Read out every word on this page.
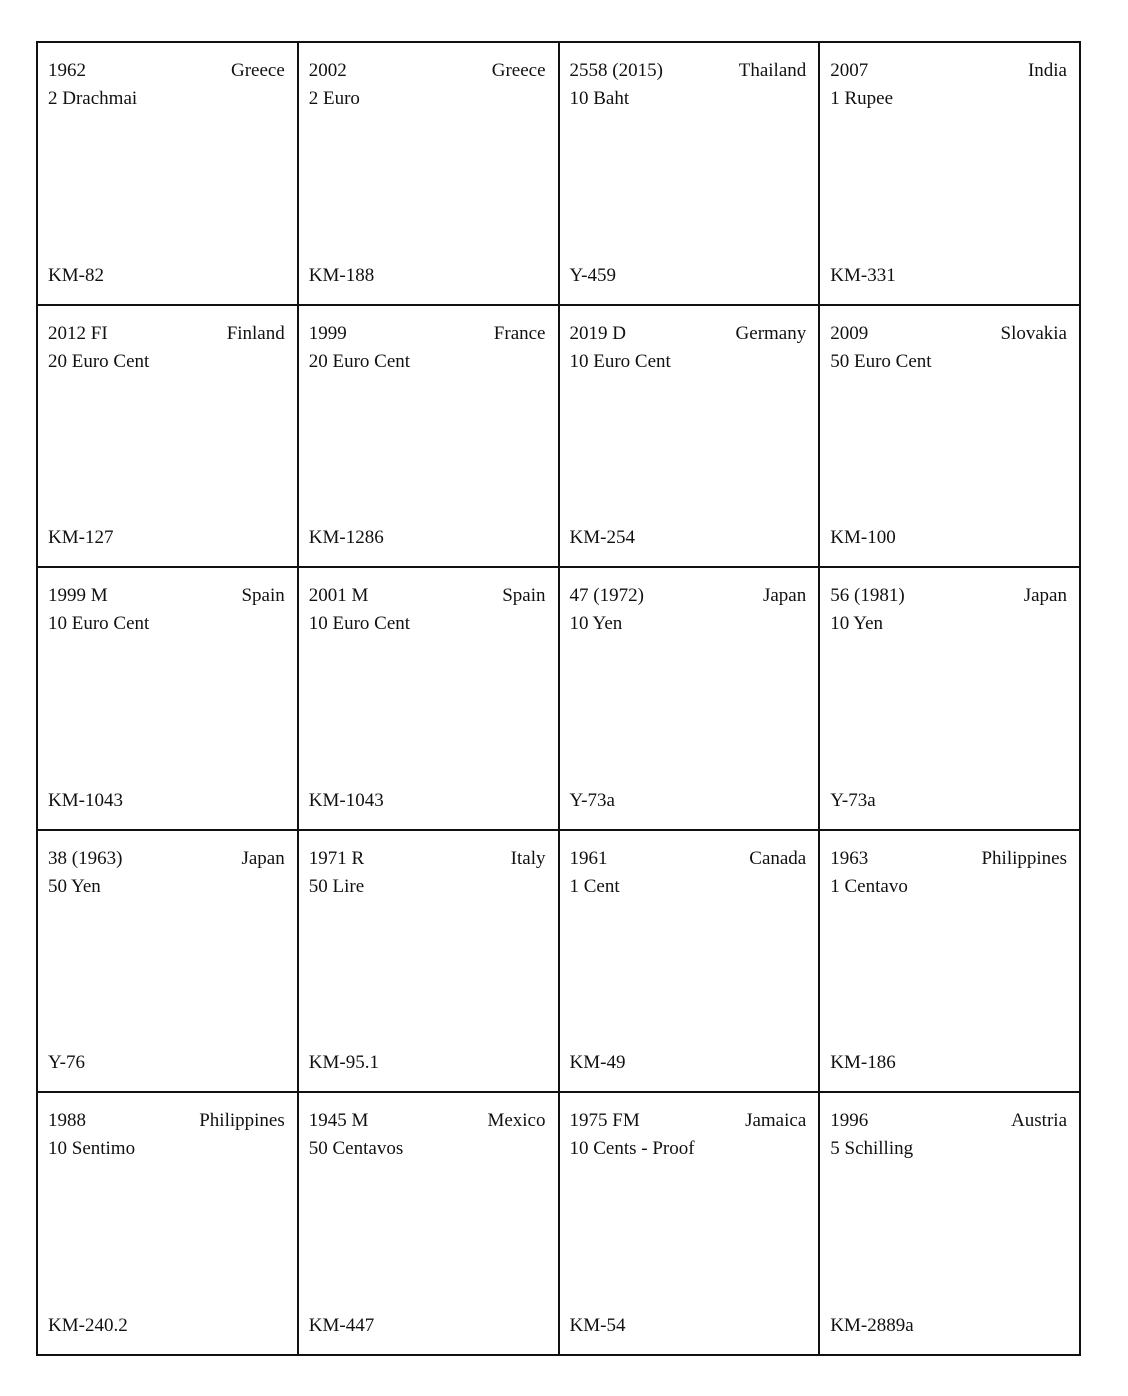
1962	Greece
2 Drachmai
KM-82
2002	Greece
2 Euro
KM-188
2558 (2015)	Thailand
10 Baht
Y-459
2007	India
1 Rupee
KM-331
2012 FI	Finland
20 Euro Cent
KM-127
1999	France
20 Euro Cent
KM-1286
2019 D	Germany
10 Euro Cent
KM-254
2009	Slovakia
50 Euro Cent
KM-100
1999 M	Spain
10 Euro Cent
KM-1043
2001 M	Spain
10 Euro Cent
KM-1043
47 (1972)	Japan
10 Yen
Y-73a
56 (1981)	Japan
10 Yen
Y-73a
38 (1963)	Japan
50 Yen
Y-76
1971 R	Italy
50 Lire
KM-95.1
1961	Canada
1 Cent
KM-49
1963	Philippines
1 Centavo
KM-186
1988	Philippines
10 Sentimo
KM-240.2
1945 M	Mexico
50 Centavos
KM-447
1975 FM	Jamaica
10 Cents - Proof
KM-54
1996	Austria
5 Schilling
KM-2889a
